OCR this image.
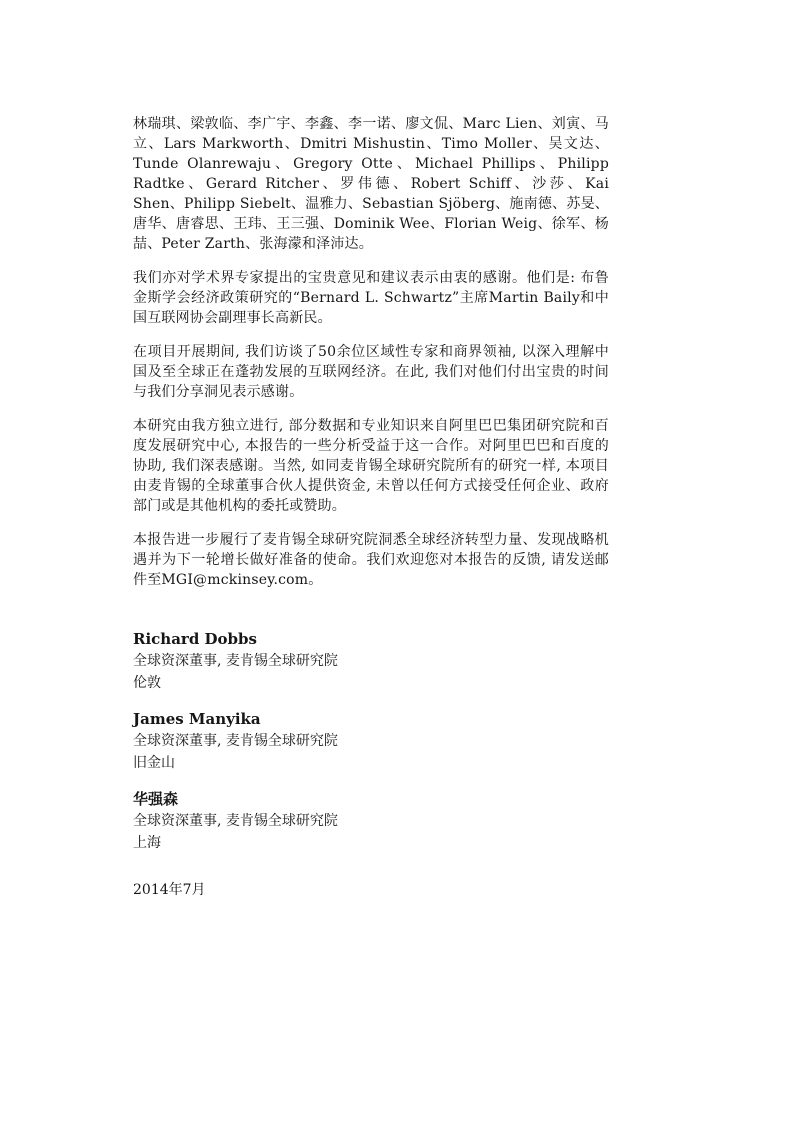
林瑞琪、梁敦临、李广宇、李鑫、李一诺、廖文侃、Marc Lien、刘寅、马立、Lars Markworth、Dmitri Mishustin、Timo Moller、吴文达、Tunde Olanrewaju、Gregory Otte、Michael Phillips、Philipp Radtke、Gerard Ritcher、罗伟德、Robert Schiff、沙莎、Kai Shen、Philipp Siebelt、温雅力、Sebastian Sjöberg、施南德、苏旻、唐华、唐睿思、王玮、王三强、Dominik Wee、Florian Weig、徐军、杨喆、Peter Zarth、张海濛和泽沛达。

我们亦对学术界专家提出的宝贵意见和建议表示由衷的感谢。他们是: 布鲁金斯学会经济政策研究的“Bernard L. Schwartz”主席Martin Baily和中国互联网协会副理事长高新民。

在项目开展期间, 我们访谈了50余位区域性专家和商界领袖, 以深入理解中国及至全球正在蓬勃发展的互联网经济。在此, 我们对他们付出宝贵的时间与我们分享洞见表示感谢。

本研究由我方独立进行, 部分数据和专业知识来自阿里巴巴集团研究院和百度发展研究中心, 本报告的一些分析受益于这一合作。对阿里巴巴和百度的协助, 我们深表感谢。当然, 如同麦肯锡全球研究院所有的研究一样, 本项目由麦肯锡的全球董事合伙人提供资金, 未曾以任何方式接受任何企业、政府部门或是其他机构的委托或赞助。

本报告进一步履行了麦肯锡全球研究院洞悉全球经济转型力量、发现战略机遇并为下一轮增长做好准备的使命。我们欢迎您对本报告的反馈, 请发送邮件至MGI@mckinsey.com。

Richard Dobbs
全球资深董事, 麦肯锡全球研究院
伦敦
James Manyika
全球资深董事, 麦肯锡全球研究院
旧金山
华强森
全球资深董事, 麦肯锡全球研究院
上海
2014年7月
